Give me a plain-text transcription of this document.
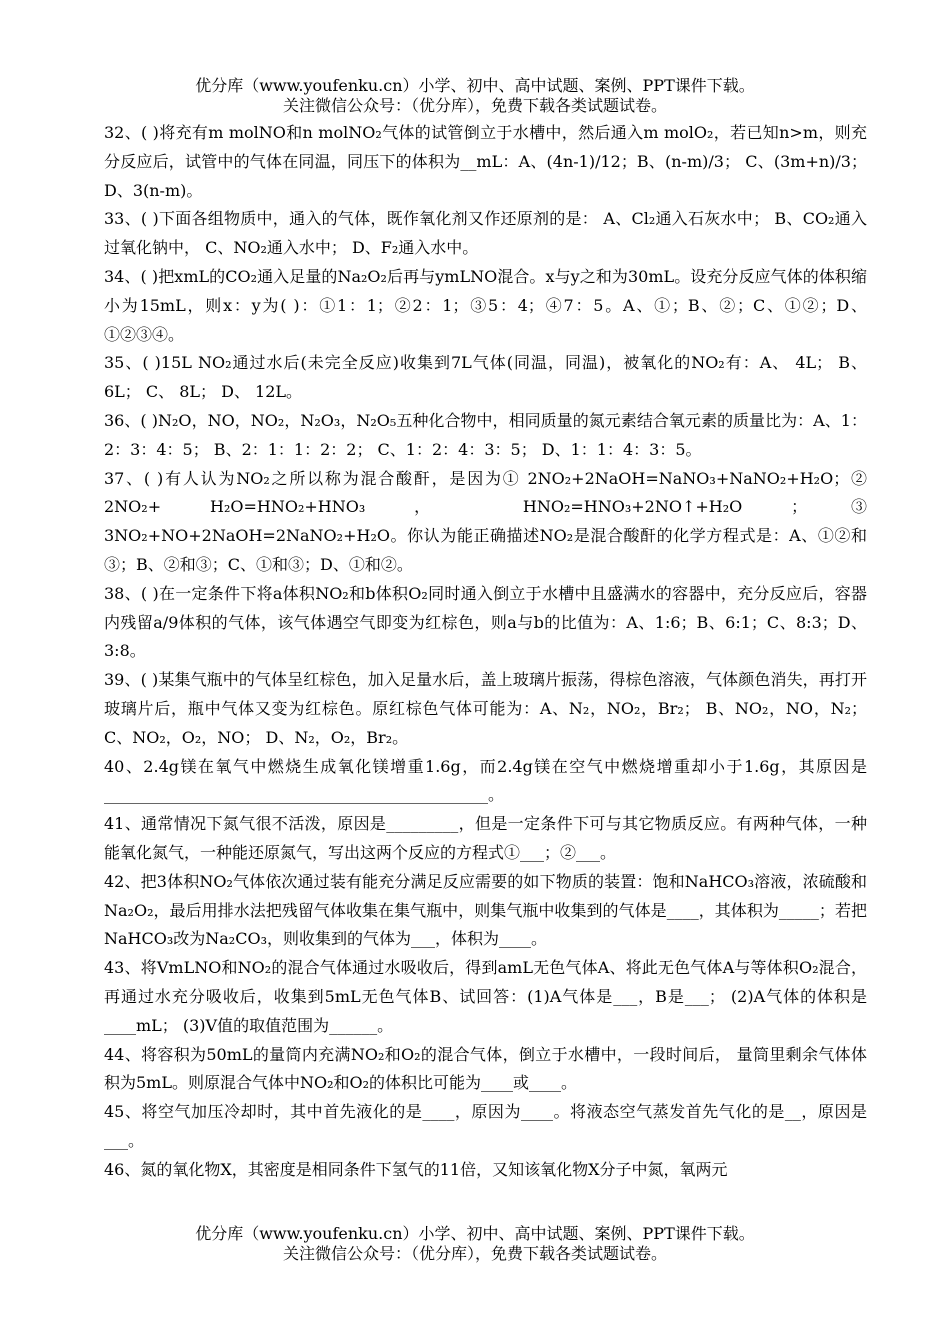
优分库（www.youfenku.cn）小学、初中、高中试题、案例、PPT课件下载。
关注微信公众号：（优分库），免费下载各类试题试卷。

32、( )将充有m molNO和n molNO₂气体的试管倒立于水槽中，然后通入m molO₂，若已知n>m，则充分反应后，试管中的气体在同温，同压下的体积为__mL：A、(4n-1)/12；B、(n-m)/3； C、(3m+n)/3； D、3(n-m)。

33、( )下面各组物质中，通入的气体，既作氧化剂又作还原剂的是： A、Cl₂通入石灰水中； B、CO₂通入过氧化钠中， C、NO₂通入水中； D、F₂通入水中。

34、( )把xmL的CO₂通入足量的Na₂O₂后再与ymLNO混合。x与y之和为30mL。设充分反应气体的体积缩小为15mL，则x：y为( )：①1：1；②2：1；③5：4；④7：5。A、①；B、②；C、①②；D、①②③④。

35、( )15L NO₂通过水后(未完全反应)收集到7L气体(同温，同温)，被氧化的NO₂有：A、 4L； B、 6L； C、 8L； D、 12L。

36、( )N₂O，NO，NO₂，N₂O₃，N₂O₅五种化合物中，相同质量的氮元素结合氧元素的质量比为：A、1：2：3：4：5； B、2：1：1：2：2； C、1：2：4：3：5； D、1：1：4：3：5。

37、( )有人认为NO₂之所以称为混合酸酐，是因为① 2NO₂+2NaOH=NaNO₃+NaNO₂+H₂O；② 2NO₂+ H₂O=HNO₂+HNO₃ ， HNO₂=HNO₃+2NO↑+H₂O ；③ 3NO₂+NO+2NaOH=2NaNO₂+H₂O。你认为能正确描述NO₂是混合酸酐的化学方程式是：A、①②和③；B、②和③；C、①和③；D、①和②。

38、( )在一定条件下将a体积NO₂和b体积O₂同时通入倒立于水槽中且盛满水的容器中，充分反应后，容器内残留a/9体积的气体，该气体遇空气即变为红棕色，则a与b的比值为：A、1:6；B、6:1；C、8:3；D、3:8。

39、( )某集气瓶中的气体呈红棕色，加入足量水后，盖上玻璃片振荡，得棕色溶液，气体颜色消失，再打开玻璃片后，瓶中气体又变为红棕色。原红棕色气体可能为：A、N₂，NO₂，Br₂； B、NO₂，NO，N₂； C、NO₂，O₂，NO； D、N₂，O₂，Br₂。

40、2.4g镁在氧气中燃烧生成氧化镁增重1.6g，而2.4g镁在空气中燃烧增重却小于1.6g，其原因是________________________________________________。

41、通常情况下氮气很不活泼，原因是_________，但是一定条件下可与其它物质反应。有两种气体，一种能氧化氮气，一种能还原氮气，写出这两个反应的方程式①___；②___。

42、把3体积NO₂气体依次通过装有能充分满足反应需要的如下物质的装置：饱和NaHCO₃溶液，浓硫酸和Na₂O₂，最后用排水法把残留气体收集在集气瓶中，则集气瓶中收集到的气体是____，其体积为_____；若把NaHCO₃改为Na₂CO₃，则收集到的气体为___，体积为____。

43、将VmLNO和NO₂的混合气体通过水吸收后，得到amL无色气体A、将此无色气体A与等体积O₂混合，再通过水充分吸收后，收集到5mL无色气体B、试回答：(1)A气体是___，B是___； (2)A气体的体积是____mL； (3)V值的取值范围为______。

44、将容积为50mL的量筒内充满NO₂和O₂的混合气体，倒立于水槽中，一段时间后， 量筒里剩余气体体积为5mL。则原混合气体中NO₂和O₂的体积比可能为____或____。

45、将空气加压冷却时，其中首先液化的是____，原因为____。将液态空气蒸发首先气化的是__，原因是___。

46、氮的氧化物X，其密度是相同条件下氢气的11倍，又知该氧化物X分子中氮，氧两元

优分库（www.youfenku.cn）小学、初中、高中试题、案例、PPT课件下载。
关注微信公众号：（优分库），免费下载各类试题试卷。
